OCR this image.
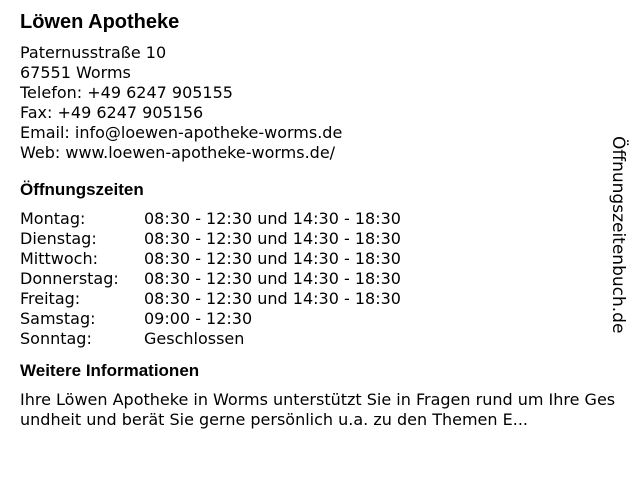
Löwen Apotheke
Paternusstraße 10
67551 Worms
Telefon: +49 6247 905155
Fax: +49 6247 905156
Email: info@loewen-apotheke-worms.de
Web: www.loewen-apotheke-worms.de/
Öffnungszeiten
Montag:	08:30 - 12:30 und 14:30 - 18:30
Dienstag:	08:30 - 12:30 und 14:30 - 18:30
Mittwoch:	08:30 - 12:30 und 14:30 - 18:30
Donnerstag:	08:30 - 12:30 und 14:30 - 18:30
Freitag:	08:30 - 12:30 und 14:30 - 18:30
Samstag:	09:00 - 12:30
Sonntag:	Geschlossen
Weitere Informationen
Ihre Löwen Apotheke in Worms unterstützt Sie in Fragen rund um Ihre Gesundheit und berät Sie gerne persönlich u.a. zu den Themen E...
Öffnungszeitenbuch.de
